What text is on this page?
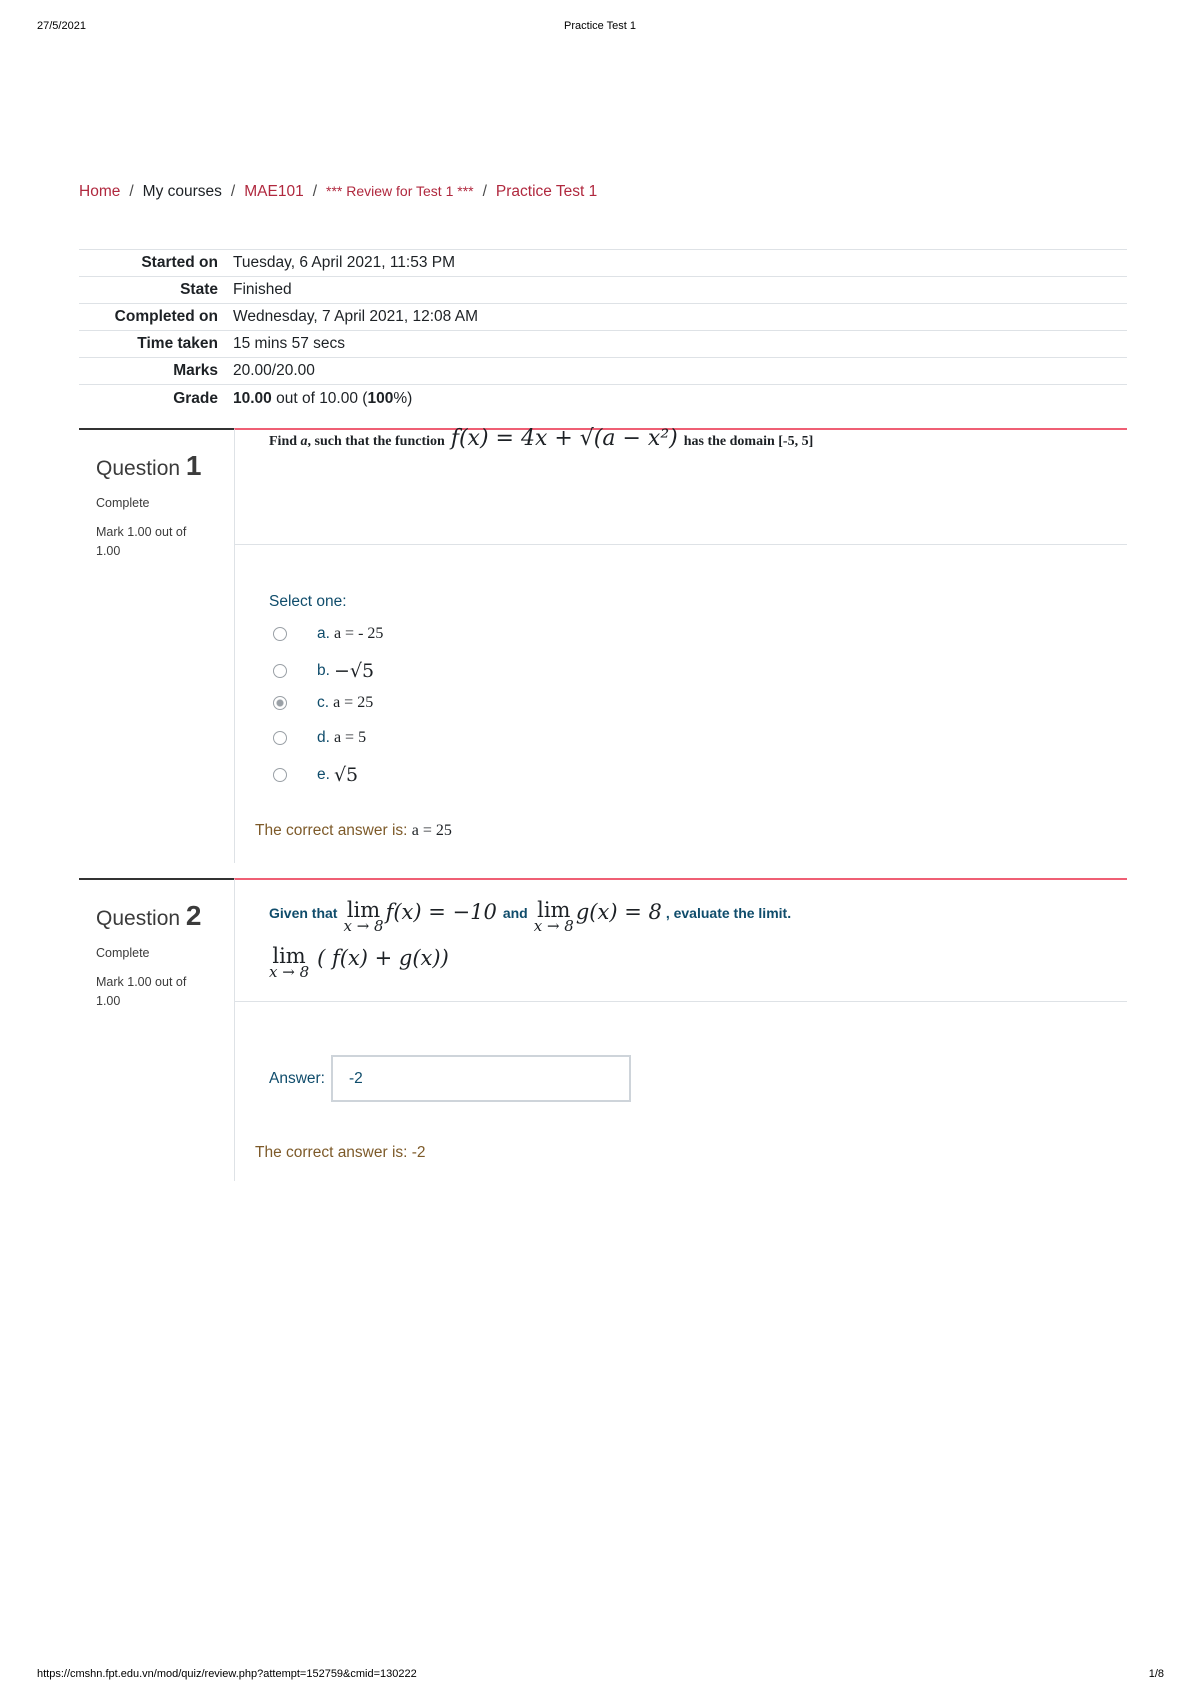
27/5/2021	Practice Test 1
Home / My courses / MAE101 / *** Review for Test 1 *** / Practice Test 1
Started on Tuesday, 6 April 2021, 11:53 PM
State Finished
Completed on Wednesday, 7 April 2021, 12:08 AM
Time taken 15 mins 57 secs
Marks 20.00/20.00
Grade 10.00 out of 10.00 (100%)
Question 1
Complete
Mark 1.00 out of 1.00
Find
a , such that the function f(x) = 4x + √(a − x²) has the domain [-5, 5]
Select one:
a. a = - 25
b. −√5
c. a = 25
d. a = 5
e. √5
The correct answer is: a = 25
Question 2
Complete
Mark 1.00 out of 1.00
Given that lim
x → 8
f(x) = −10 and lim
x → 8
g(x) = 8 , evaluate the limit.
lim
x → 8
( f(x) + g(x))
Answer:	-2
The correct answer is: -2
https://cmshn.fpt.edu.vn/mod/quiz/review.php?attempt=152759&cmid=130222	1/8
